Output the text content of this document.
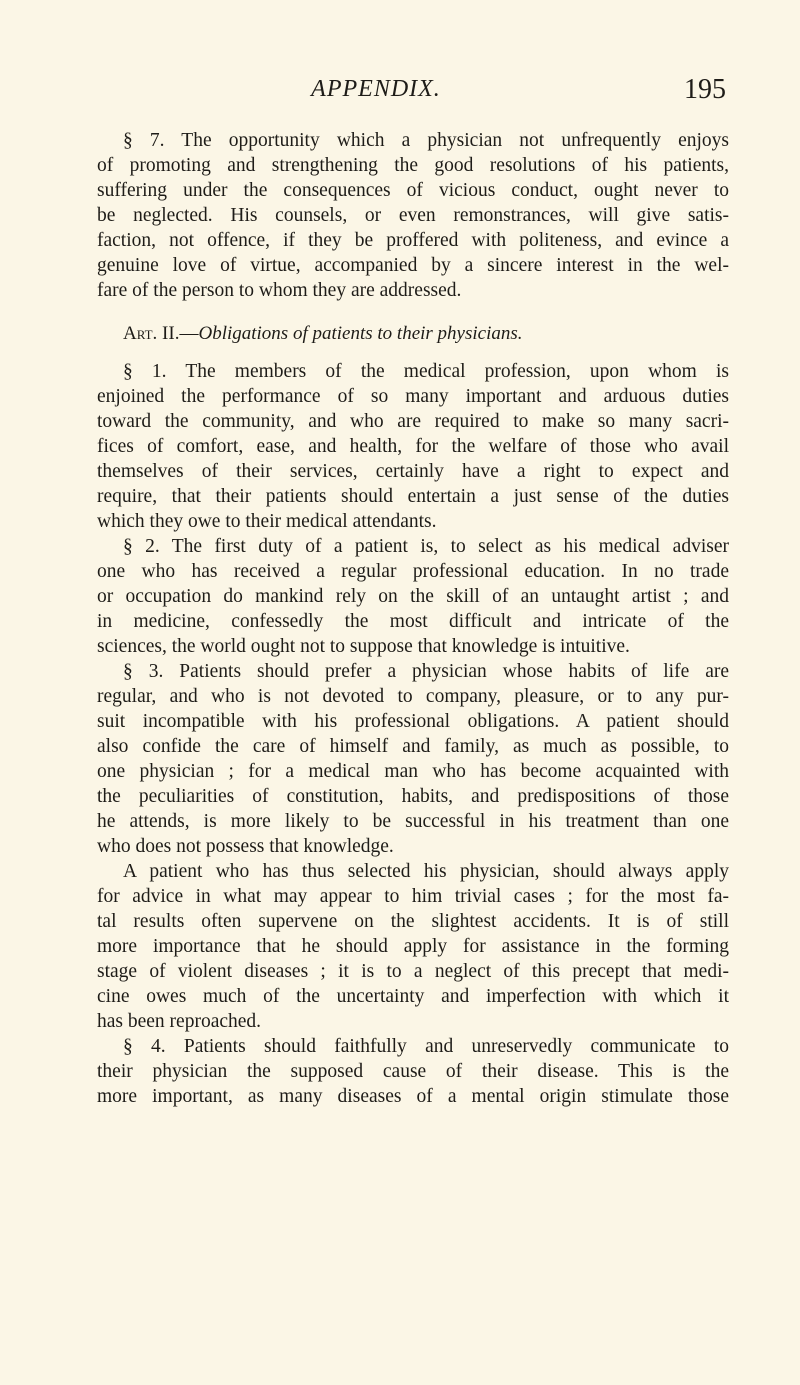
APPENDIX.	195
§ 7. The opportunity which a physician not unfrequently enjoys
of promoting and strengthening the good resolutions of his patients,
suffering under the consequences of vicious conduct, ought never to
be neglected. His counsels, or even remonstrances, will give satis-
faction, not offence, if they be proffered with politeness, and evince a
genuine love of virtue, accompanied by a sincere interest in the wel-
fare of the person to whom they are addressed.
Art. II.—Obligations of patients to their physicians.
§ 1. The members of the medical profession, upon whom is
enjoined the performance of so many important and arduous duties
toward the community, and who are required to make so many sacri-
fices of comfort, ease, and health, for the welfare of those who avail
themselves of their services, certainly have a right to expect and
require, that their patients should entertain a just sense of the duties
which they owe to their medical attendants.
§ 2. The first duty of a patient is, to select as his medical adviser
one who has received a regular professional education. In no trade
or occupation do mankind rely on the skill of an untaught artist ; and
in medicine, confessedly the most difficult and intricate of the
sciences, the world ought not to suppose that knowledge is intuitive.
§ 3. Patients should prefer a physician whose habits of life are
regular, and who is not devoted to company, pleasure, or to any pur-
suit incompatible with his professional obligations. A patient should
also confide the care of himself and family, as much as possible, to
one physician ; for a medical man who has become acquainted with
the peculiarities of constitution, habits, and predispositions of those
he attends, is more likely to be successful in his treatment than one
who does not possess that knowledge.
A patient who has thus selected his physician, should always apply
for advice in what may appear to him trivial cases ; for the most fa-
tal results often supervene on the slightest accidents. It is of still
more importance that he should apply for assistance in the forming
stage of violent diseases ; it is to a neglect of this precept that medi-
cine owes much of the uncertainty and imperfection with which it
has been reproached.
§ 4. Patients should faithfully and unreservedly communicate to
their physician the supposed cause of their disease. This is the
more important, as many diseases of a mental origin stimulate those
